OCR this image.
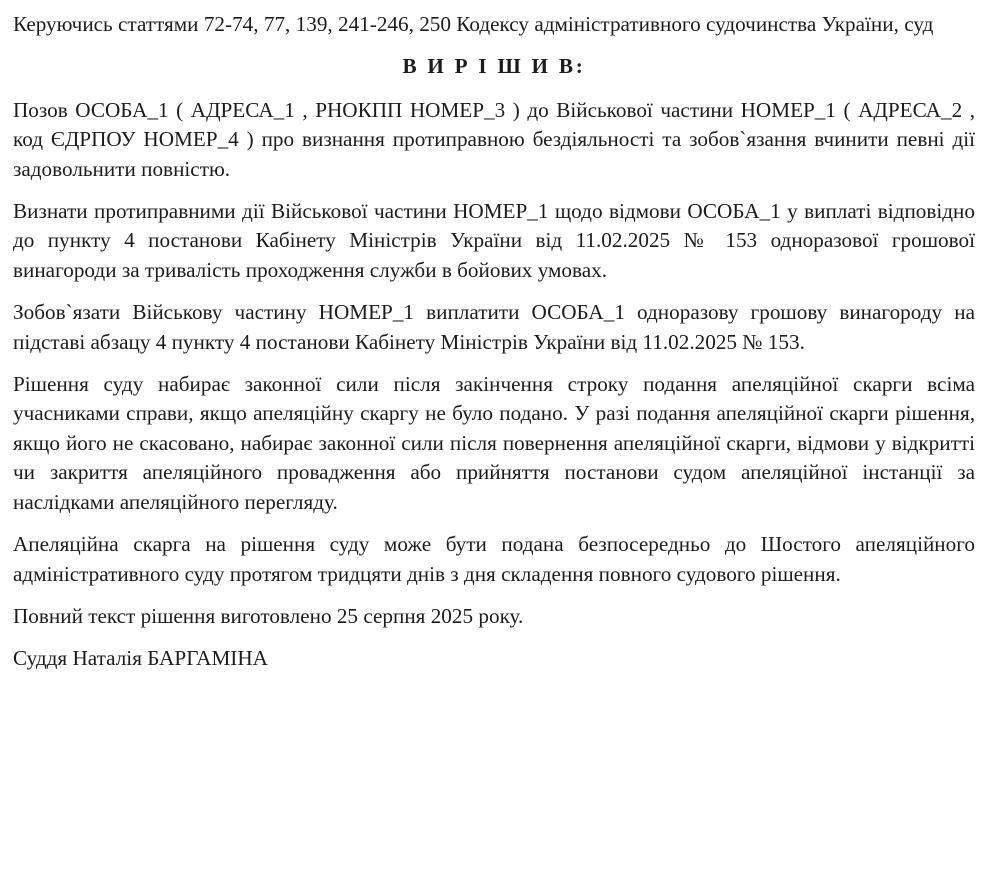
Керуючись статтями 72-74, 77, 139, 241-246, 250 Кодексу адміністративного судочинства України, суд

В И Р І Ш И В:

Позов ОСОБА_1 ( АДРЕСА_1 , РНОКПП НОМЕР_3 ) до Військової частини НОМЕР_1 ( АДРЕСА_2 , код ЄДРПОУ НОМЕР_4 ) про визнання протиправною бездіяльності та зобов`язання вчинити певні дії задовольнити повністю.

Визнати протиправними дії Військової частини НОМЕР_1 щодо відмови ОСОБА_1 у виплаті відповідно до пункту 4 постанови Кабінету Міністрів України від 11.02.2025 № 153 одноразової грошової винагороди за тривалість проходження служби в бойових умовах.

Зобов`язати Військову частину НОМЕР_1 виплатити ОСОБА_1 одноразову грошову винагороду на підставі абзацу 4 пункту 4 постанови Кабінету Міністрів України від 11.02.2025 № 153.

Рішення суду набирає законної сили після закінчення строку подання апеляційної скарги всіма учасниками справи, якщо апеляційну скаргу не було подано. У разі подання апеляційної скарги рішення, якщо його не скасовано, набирає законної сили після повернення апеляційної скарги, відмови у відкритті чи закриття апеляційного провадження або прийняття постанови судом апеляційної інстанції за наслідками апеляційного перегляду.

Апеляційна скарга на рішення суду може бути подана безпосередньо до Шостого апеляційного адміністративного суду протягом тридцяти днів з дня складення повного судового рішення.

Повний текст рішення виготовлено 25 серпня 2025 року.

Суддя Наталія БАРГАМІНА
